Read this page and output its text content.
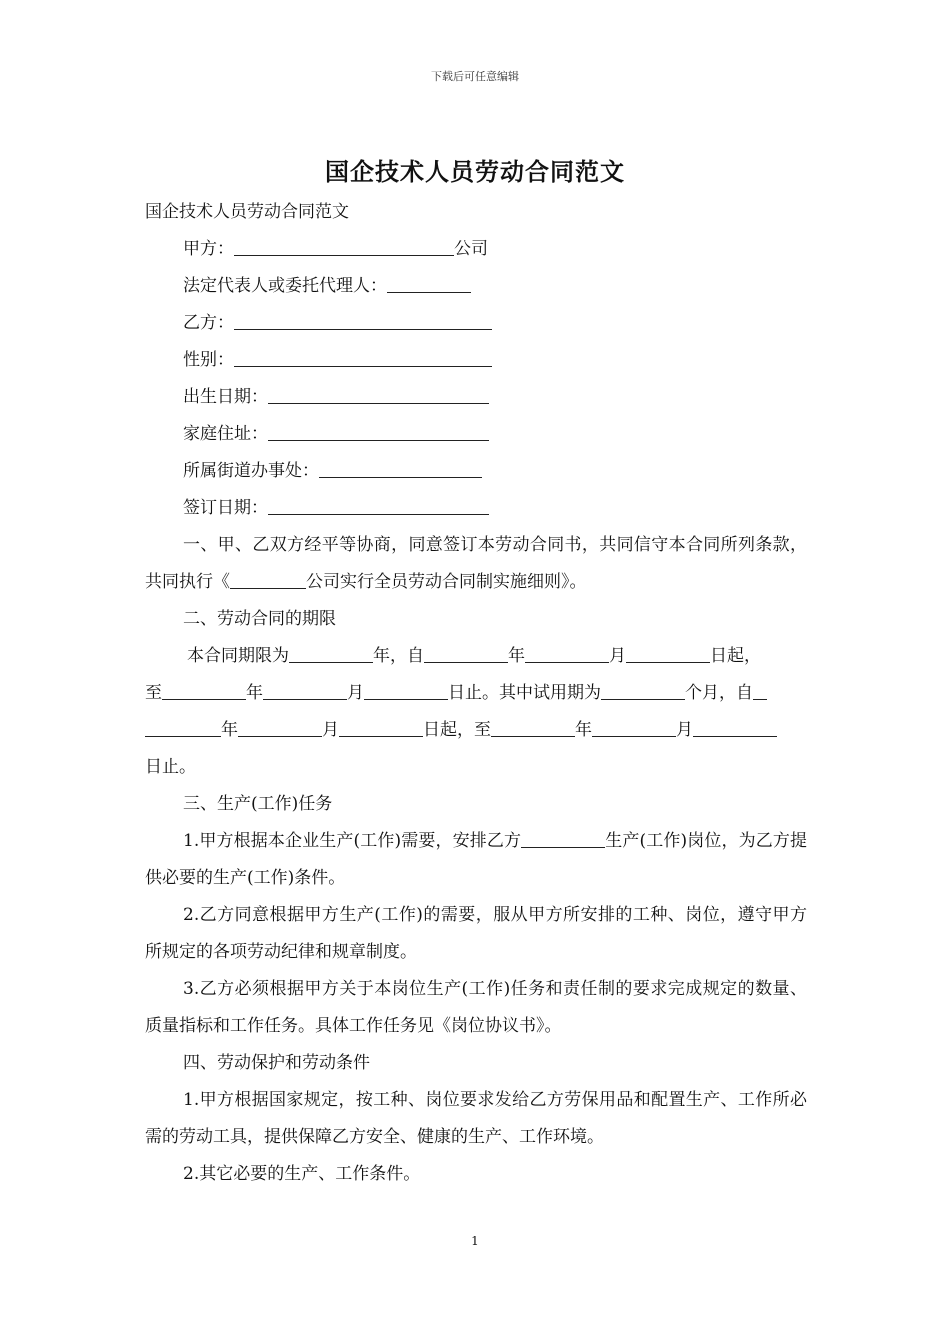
下载后可任意编辑
国企技术人员劳动合同范文
国企技术人员劳动合同范文
甲方：	公司
法定代表人或委托代理人：
乙方：
性别：
出生日期：
家庭住址：
所属街道办事处：
签订日期：
一、甲、乙双方经平等协商，同意签订本劳动合同书，共同信守本合同所列条款，共同执行《	公司实行全员劳动合同制实施细则》。
二、劳动合同的期限
本合同期限为	年，自	年	月	日起，
至	年	月	日止。其中试用期为	个月，自
年	月	日起，至	年	月
日止。
三、生产(工作)任务
1.甲方根据本企业生产(工作)需要，安排乙方	生产(工作)岗位，为乙方提供必要的生产(工作)条件。
2.乙方同意根据甲方生产(工作)的需要，服从甲方所安排的工种、岗位，遵守甲方所规定的各项劳动纪律和规章制度。
3.乙方必须根据甲方关于本岗位生产(工作)任务和责任制的要求完成规定的数量、质量指标和工作任务。具体工作任务见《岗位协议书》。
四、劳动保护和劳动条件
1.甲方根据国家规定，按工种、岗位要求发给乙方劳保用品和配置生产、工作所必需的劳动工具，提供保障乙方安全、健康的生产、工作环境。
2.其它必要的生产、工作条件。
1
